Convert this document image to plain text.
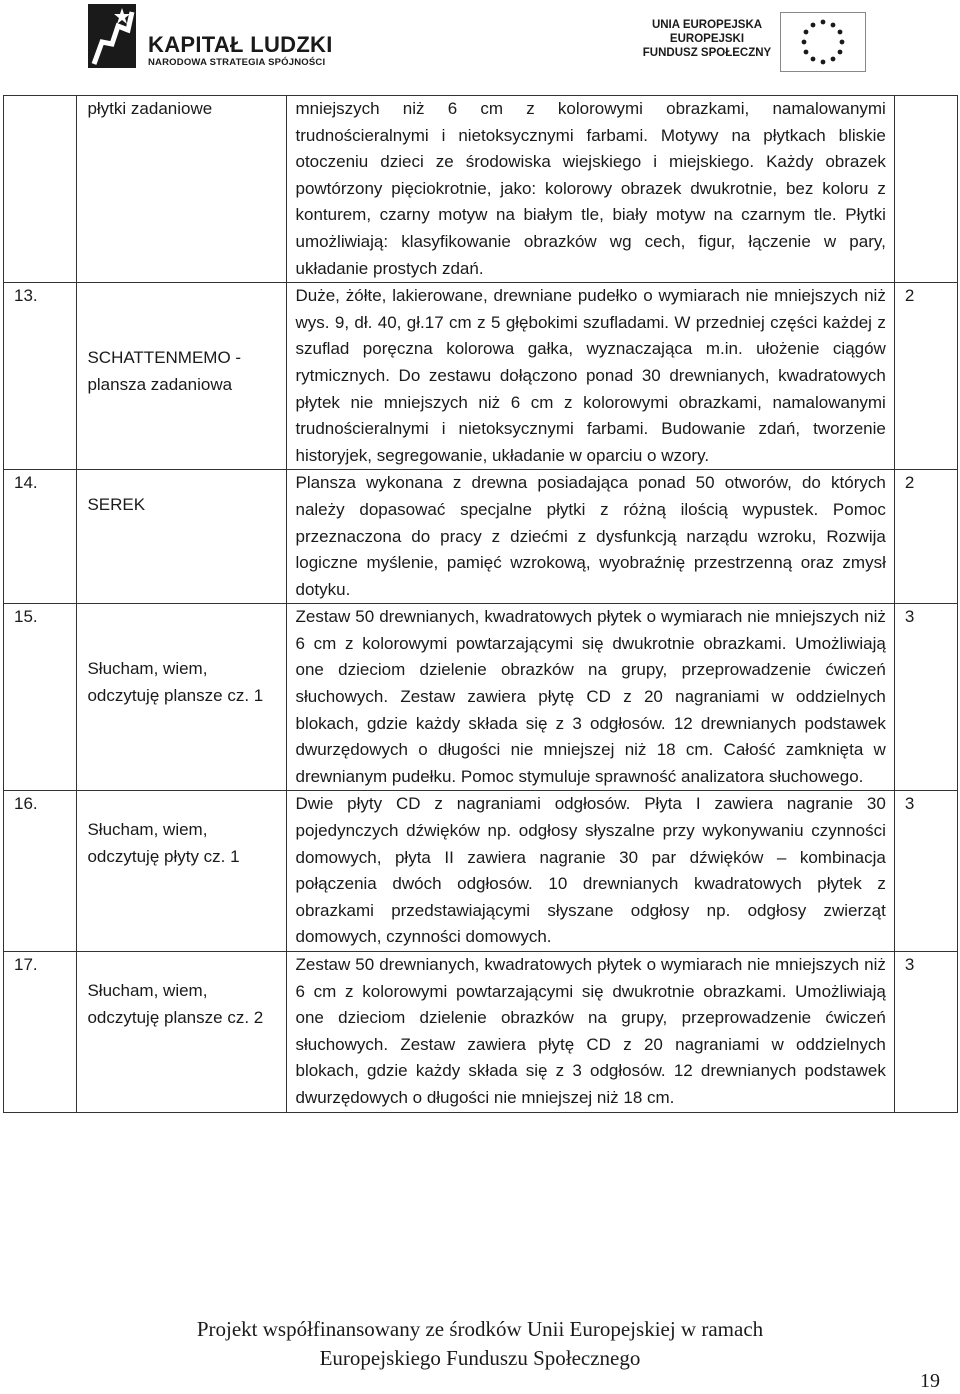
KAPITAŁ LUDZKI
NARODOWA STRATEGIA SPÓJNOŚCI
UNIA EUROPEJSKA
EUROPEJSKI
FUNDUSZ SPOŁECZNY

	płytki zadaniowe	mniejszych niż 6 cm z kolorowymi obrazkami, namalowanymi trudnościeralnymi i nietoksycznymi farbami. Motywy na płytkach bliskie otoczeniu dzieci ze środowiska wiejskiego i miejskiego. Każdy obrazek powtórzony pięciokrotnie, jako: kolorowy obrazek dwukrotnie, bez koloru z konturem, czarny motyw na białym tle, biały motyw na czarnym tle. Płytki umożliwiają: klasyfikowanie obrazków wg cech, figur, łączenie w pary, układanie prostych zdań.	
13.	SCHATTENMEMO - plansza zadaniowa	Duże, żółte, lakierowane, drewniane pudełko o wymiarach nie mniejszych niż wys. 9, dł. 40, gł.17 cm z 5 głębokimi szufladami. W przedniej części każdej z szuflad poręczna kolorowa gałka, wyznaczająca m.in. ułożenie ciągów rytmicznych. Do zestawu dołączono ponad 30 drewnianych, kwadratowych płytek nie mniejszych niż 6 cm z kolorowymi obrazkami, namalowanymi trudnościeralnymi i nietoksycznymi farbami. Budowanie zdań, tworzenie historyjek, segregowanie, układanie w oparciu o wzory.	2
14.	SEREK	Plansza wykonana z drewna posiadająca ponad 50 otworów, do których należy dopasować specjalne płytki z różną ilością wypustek. Pomoc przeznaczona do pracy z dziećmi z dysfunkcją narządu wzroku, Rozwija logiczne myślenie, pamięć wzrokową, wyobraźnię przestrzenną oraz zmysł dotyku.	2
15.	Słucham, wiem, odczytuję plansze cz. 1	Zestaw 50 drewnianych, kwadratowych płytek o wymiarach nie mniejszych niż 6 cm z kolorowymi powtarzającymi się dwukrotnie obrazkami. Umożliwiają one dzieciom dzielenie obrazków na grupy, przeprowadzenie ćwiczeń słuchowych. Zestaw zawiera płytę CD z 20 nagraniami w oddzielnych blokach, gdzie każdy składa się z 3 odgłosów. 12 drewnianych podstawek dwurzędowych o długości nie mniejszej niż 18 cm. Całość zamknięta w drewnianym pudełku. Pomoc stymuluje sprawność analizatora słuchowego.	3
16.	Słucham, wiem, odczytuję płyty cz. 1	Dwie płyty CD z nagraniami odgłosów. Płyta I zawiera nagranie 30 pojedynczych dźwięków np. odgłosy słyszalne przy wykonywaniu czynności domowych, płyta II zawiera nagranie 30 par dźwięków – kombinacja połączenia dwóch odgłosów. 10 drewnianych kwadratowych płytek z obrazkami przedstawiającymi słyszane odgłosy np. odgłosy zwierząt domowych, czynności domowych.	3
17.	Słucham, wiem, odczytuję plansze cz. 2	Zestaw 50 drewnianych, kwadratowych płytek o wymiarach nie mniejszych niż 6 cm z kolorowymi powtarzającymi się dwukrotnie obrazkami. Umożliwiają one dzieciom dzielenie obrazków na grupy, przeprowadzenie ćwiczeń słuchowych. Zestaw zawiera płytę CD z 20 nagraniami w oddzielnych blokach, gdzie każdy składa się z 3 odgłosów. 12 drewnianych podstawek dwurzędowych o długości nie mniejszej niż 18 cm.	3
Projekt współfinansowany ze środków Unii Europejskiej w ramach
Europejskiego Funduszu Społecznego
19
